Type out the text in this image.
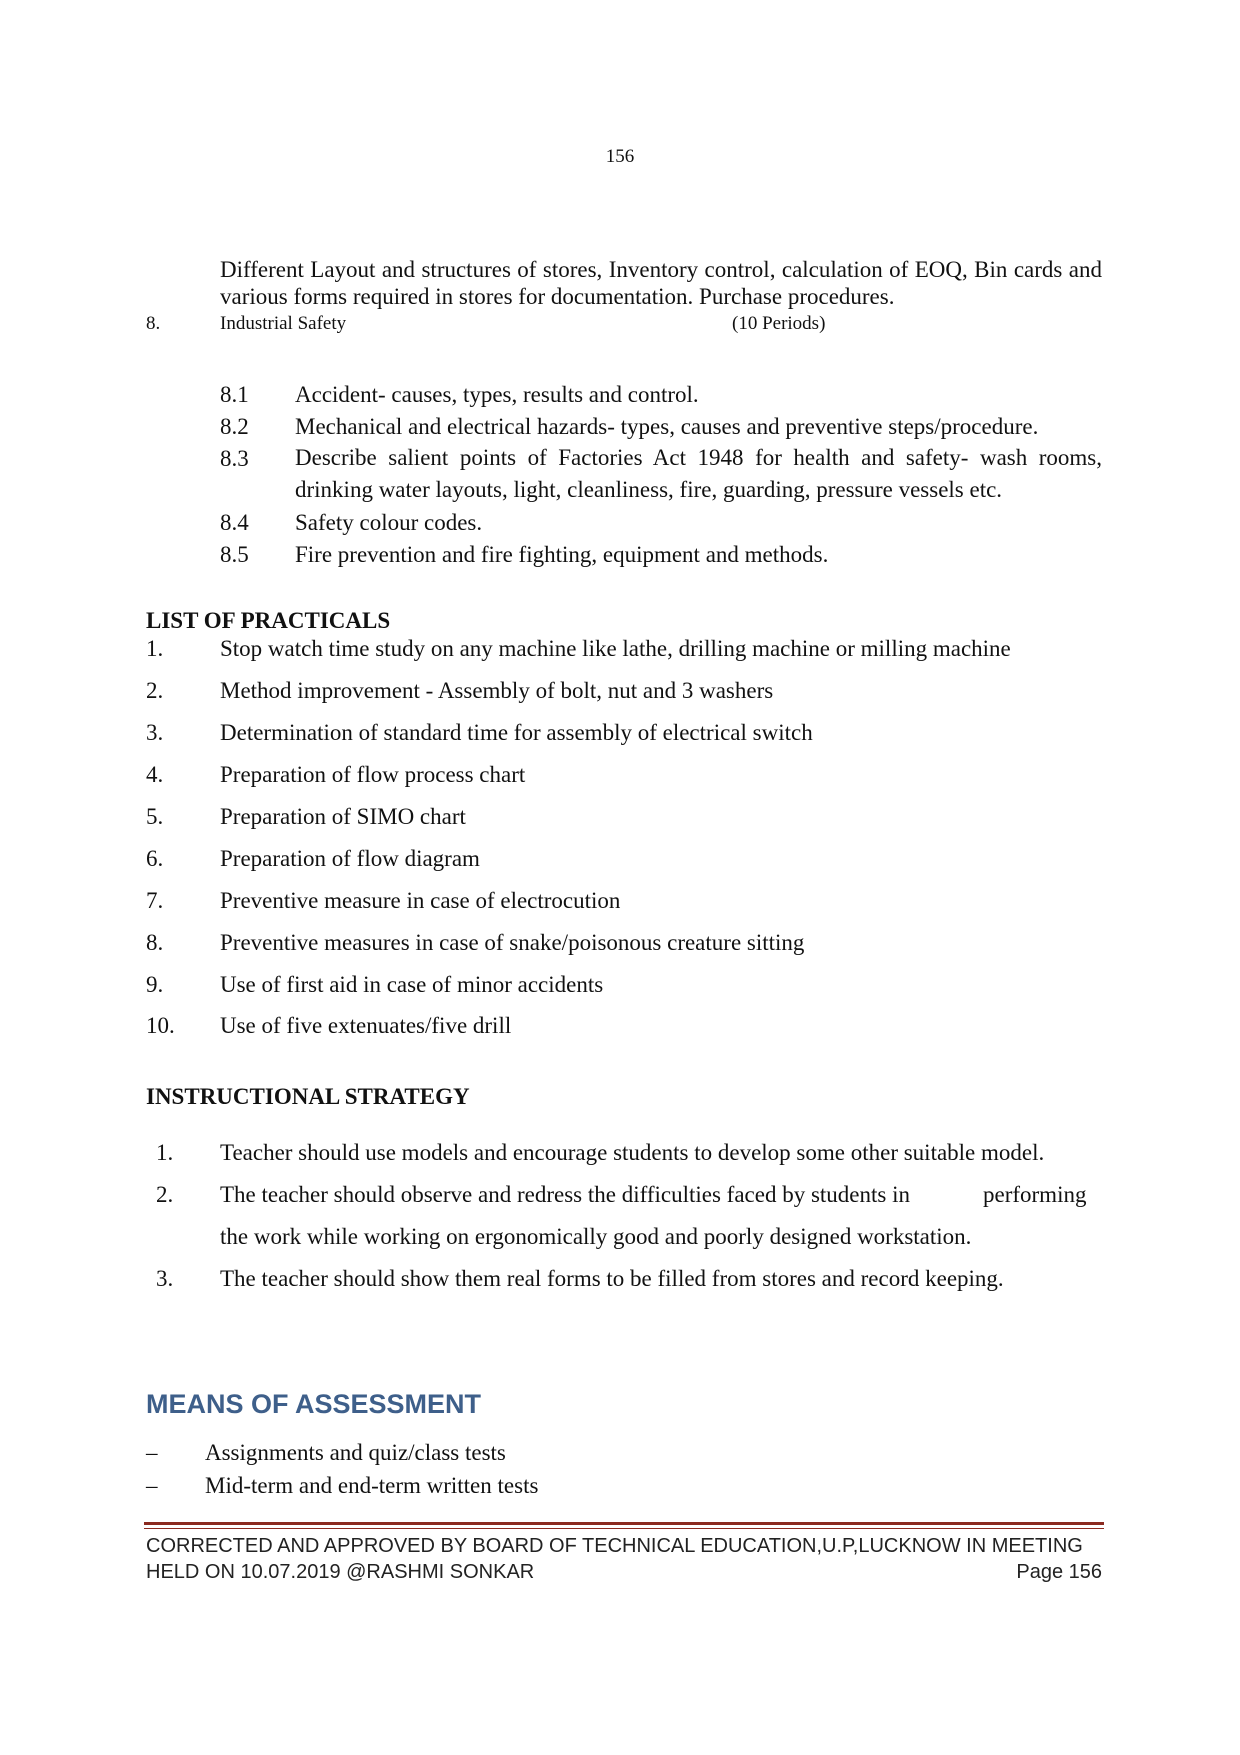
156
Different Layout and structures of stores, Inventory control, calculation of EOQ, Bin cards and various forms required in stores for documentation. Purchase procedures.
8.	Industrial Safety	(10 Periods)
8.1 Accident- causes, types, results and control.
8.2 Mechanical and electrical hazards- types, causes and preventive steps/procedure.
8.3 Describe salient points of Factories Act 1948 for health and safety- wash rooms, drinking water layouts, light, cleanliness, fire, guarding, pressure vessels etc.
8.4 Safety colour codes.
8.5 Fire prevention and fire fighting, equipment and methods.
LIST OF PRACTICALS
1. Stop watch time study on any machine like lathe, drilling machine or milling machine
2. Method improvement - Assembly of bolt, nut and 3 washers
3. Determination of standard time for assembly of electrical switch
4. Preparation of flow process chart
5. Preparation of SIMO chart
6. Preparation of flow diagram
7. Preventive measure in case of electrocution
8. Preventive measures in case of snake/poisonous creature sitting
9. Use of first aid in case of minor accidents
10. Use of five extenuates/five drill
INSTRUCTIONAL STRATEGY
1. Teacher should use models and encourage students to develop some other suitable model.
2. The teacher should observe and redress the difficulties faced by students in	performing
the work while working on ergonomically good and poorly designed workstation.
3. The teacher should show them real forms to be filled from stores and record keeping.
MEANS OF ASSESSMENT
– Assignments and quiz/class tests
– Mid-term and end-term written tests
CORRECTED AND APPROVED BY BOARD OF TECHNICAL EDUCATION,U.P,LUCKNOW IN MEETING
HELD ON 10.07.2019 @RASHMI SONKAR	Page 156
